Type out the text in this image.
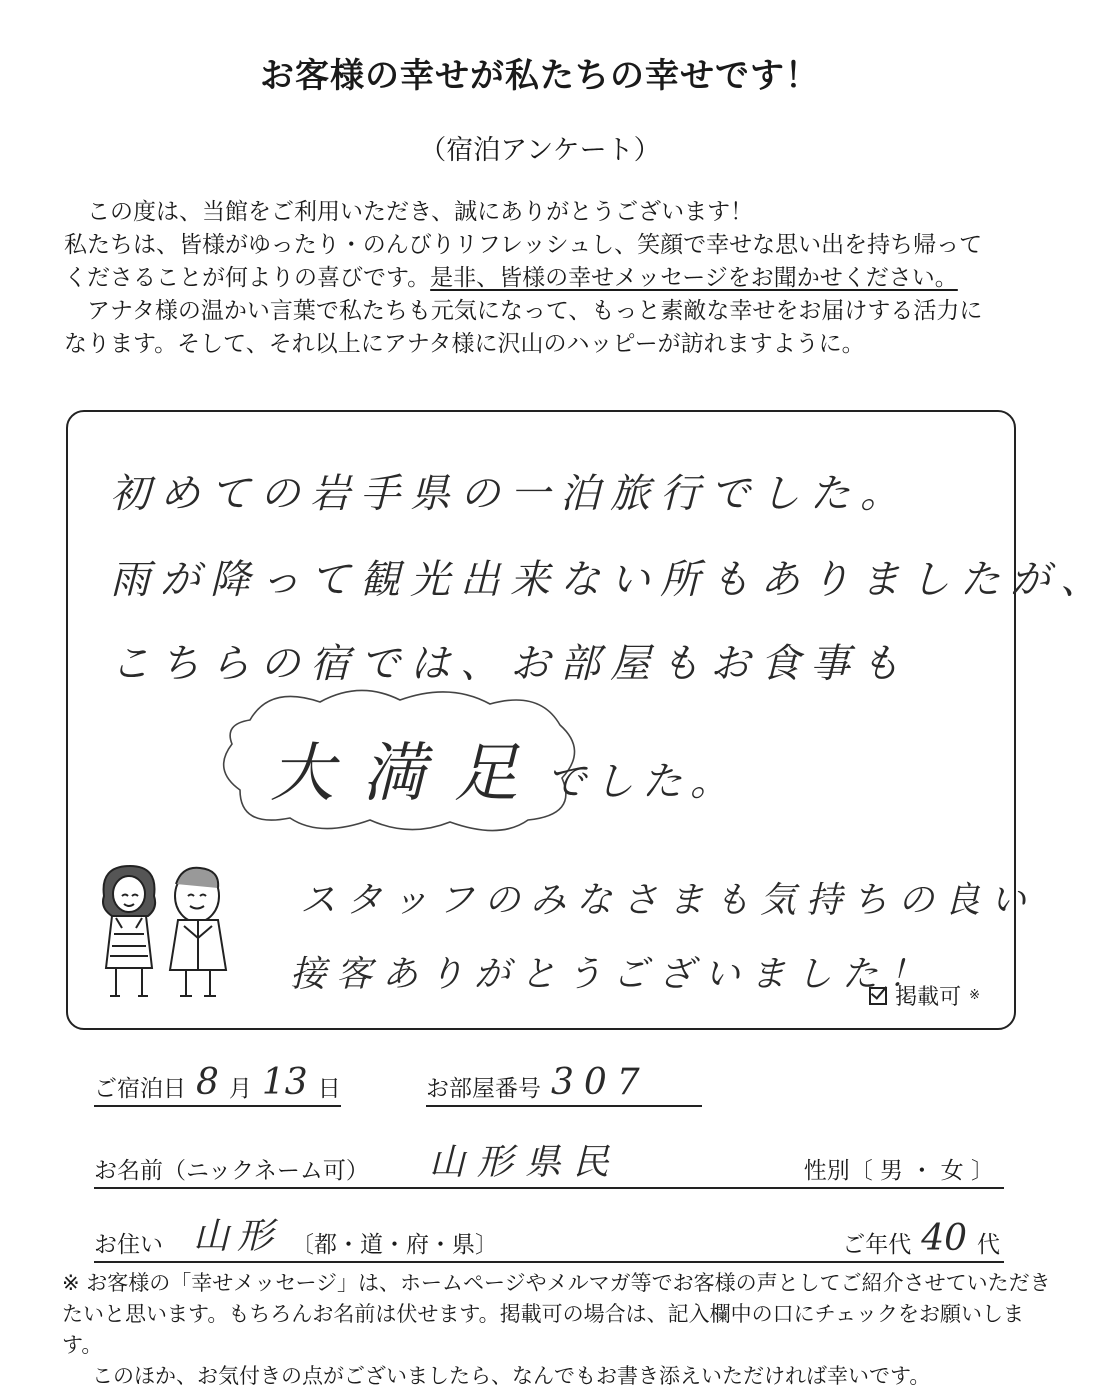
お客様の幸せが私たちの幸せです！
（宿泊アンケート）

この度は、当館をご利用いただき、誠にありがとうございます！

私たちは、皆様がゆったり・のんびりリフレッシュし、笑顔で幸せな思い出を持ち帰ってくださることが何よりの喜びです。是非、皆様の幸せメッセージをお聞かせください。

アナタ様の温かい言葉で私たちも元気になって、もっと素敵な幸せをお届けする活力になります。そして、それ以上にアナタ様に沢山のハッピーが訪れますように。

初めての岩手県の一泊旅行でした。
雨が降って観光出来ない所もありましたが、
こちらの宿では、お部屋もお食事も
大満足でした。
スタッフのみなさまも気持ちの良い
接客ありがとうございました！
掲載可 ※
ご宿泊日 8 月 13 日	お部屋番号 307
お名前（ニックネーム可）	山形県民	性別〔 男 ・ 女 〕
お住い 山形 〔都・道・府・県〕	ご年代 40 代

※ お客様の「幸せメッセージ」は、ホームページやメルマガ等でお客様の声としてご紹介させていただきたいと思います。もちろんお名前は伏せます。掲載可の場合は、記入欄中の口にチェックをお願いします。

このほか、お気付きの点がございましたら、なんでもお書き添えいただければ幸いです。
